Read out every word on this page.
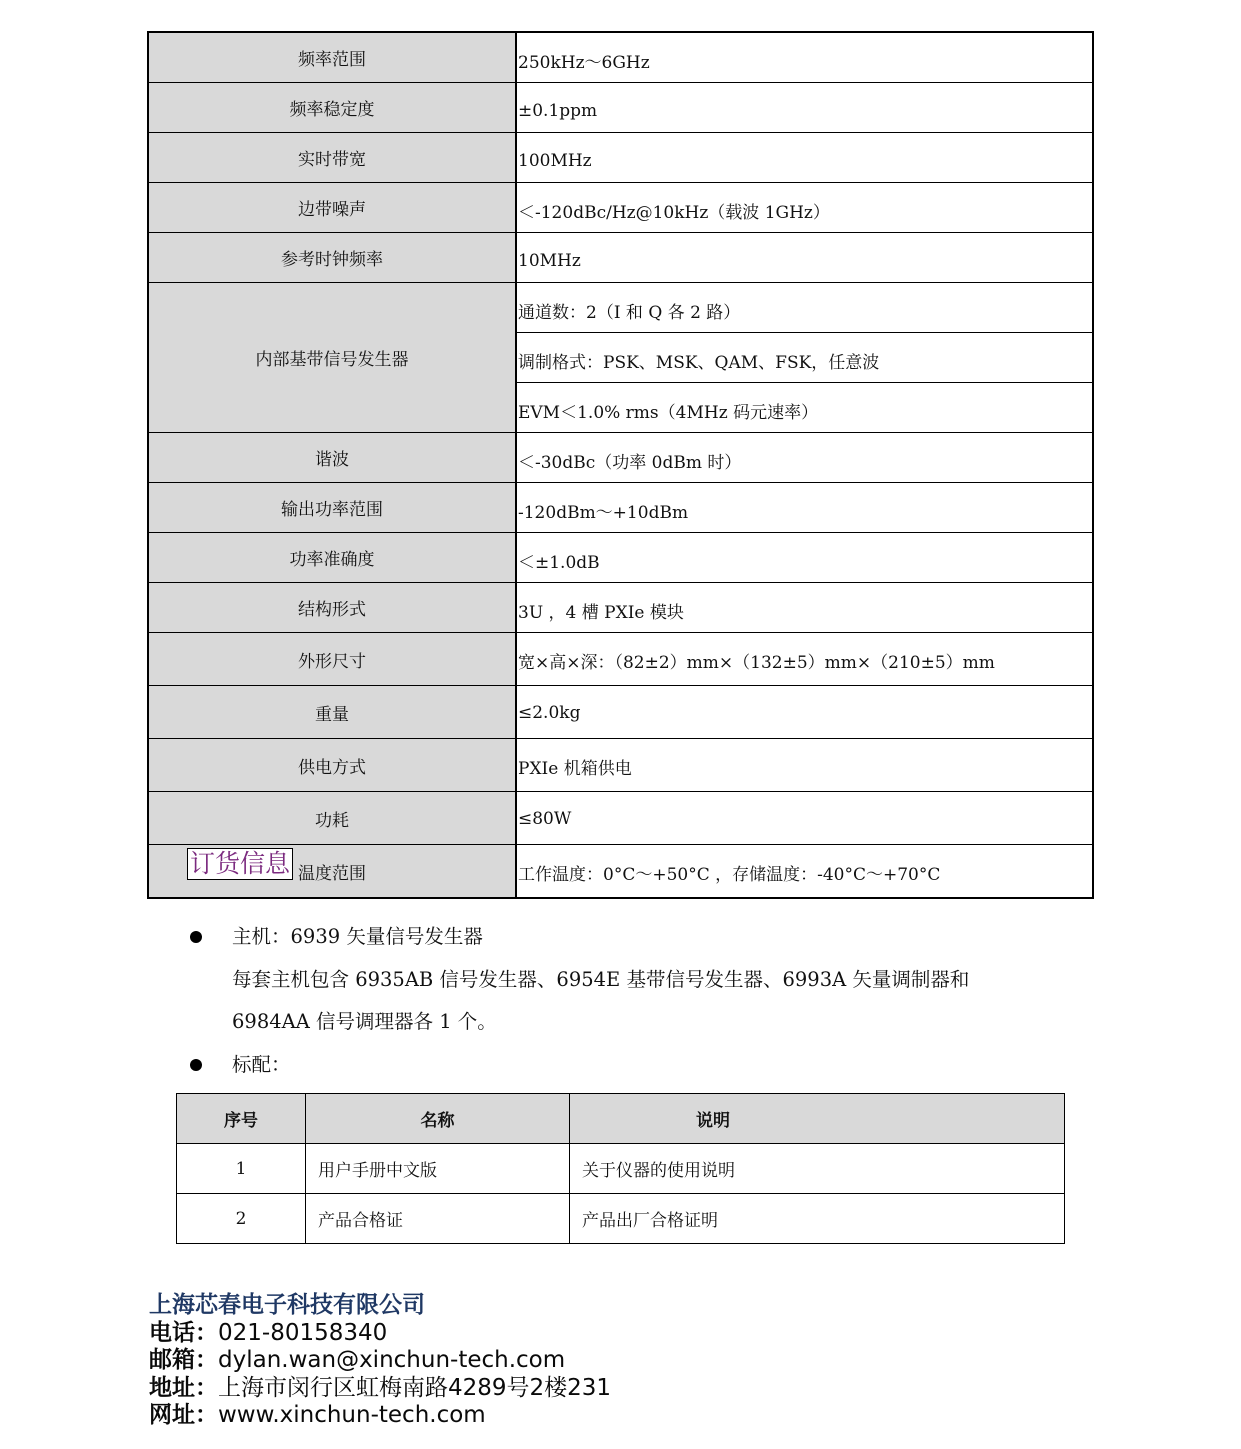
频率范围	250kHz～6GHz
频率稳定度	±0.1ppm
实时带宽	100MHz
边带噪声	＜-120dBc/Hz@10kHz（载波 1GHz）
参考时钟频率	10MHz
内部基带信号发生器	通道数：2（I 和 Q 各 2 路）
	调制格式：PSK、MSK、QAM、FSK，任意波
	EVM＜1.0% rms（4MHz 码元速率）
谐波	＜-30dBc（功率 0dBm 时）
输出功率范围	-120dBm～+10dBm
功率准确度	＜±1.0dB
结构形式	3U ，4 槽 PXIe 模块
外形尺寸	宽×高×深：（82±2）mm×（132±5）mm×（210±5）mm
重量	≤2.0kg
供电方式	PXIe 机箱供电
功耗	≤80W
温度范围	工作温度：0°C～+50°C ，存储温度：-40°C～+70°C
订货信息
主机：6939 矢量信号发生器
每套主机包含 6935AB 信号发生器、6954E 基带信号发生器、6993A 矢量调制器和
6984AA 信号调理器各 1 个。
标配：
序号	名称	说明
1	用户手册中文版	关于仪器的使用说明
2	产品合格证	产品出厂合格证明
上海芯春电子科技有限公司
电话：021-80158340
邮箱：dylan.wan@xinchun-tech.com
地址：上海市闵行区虹梅南路4289号2楼231
网址：www.xinchun-tech.com
